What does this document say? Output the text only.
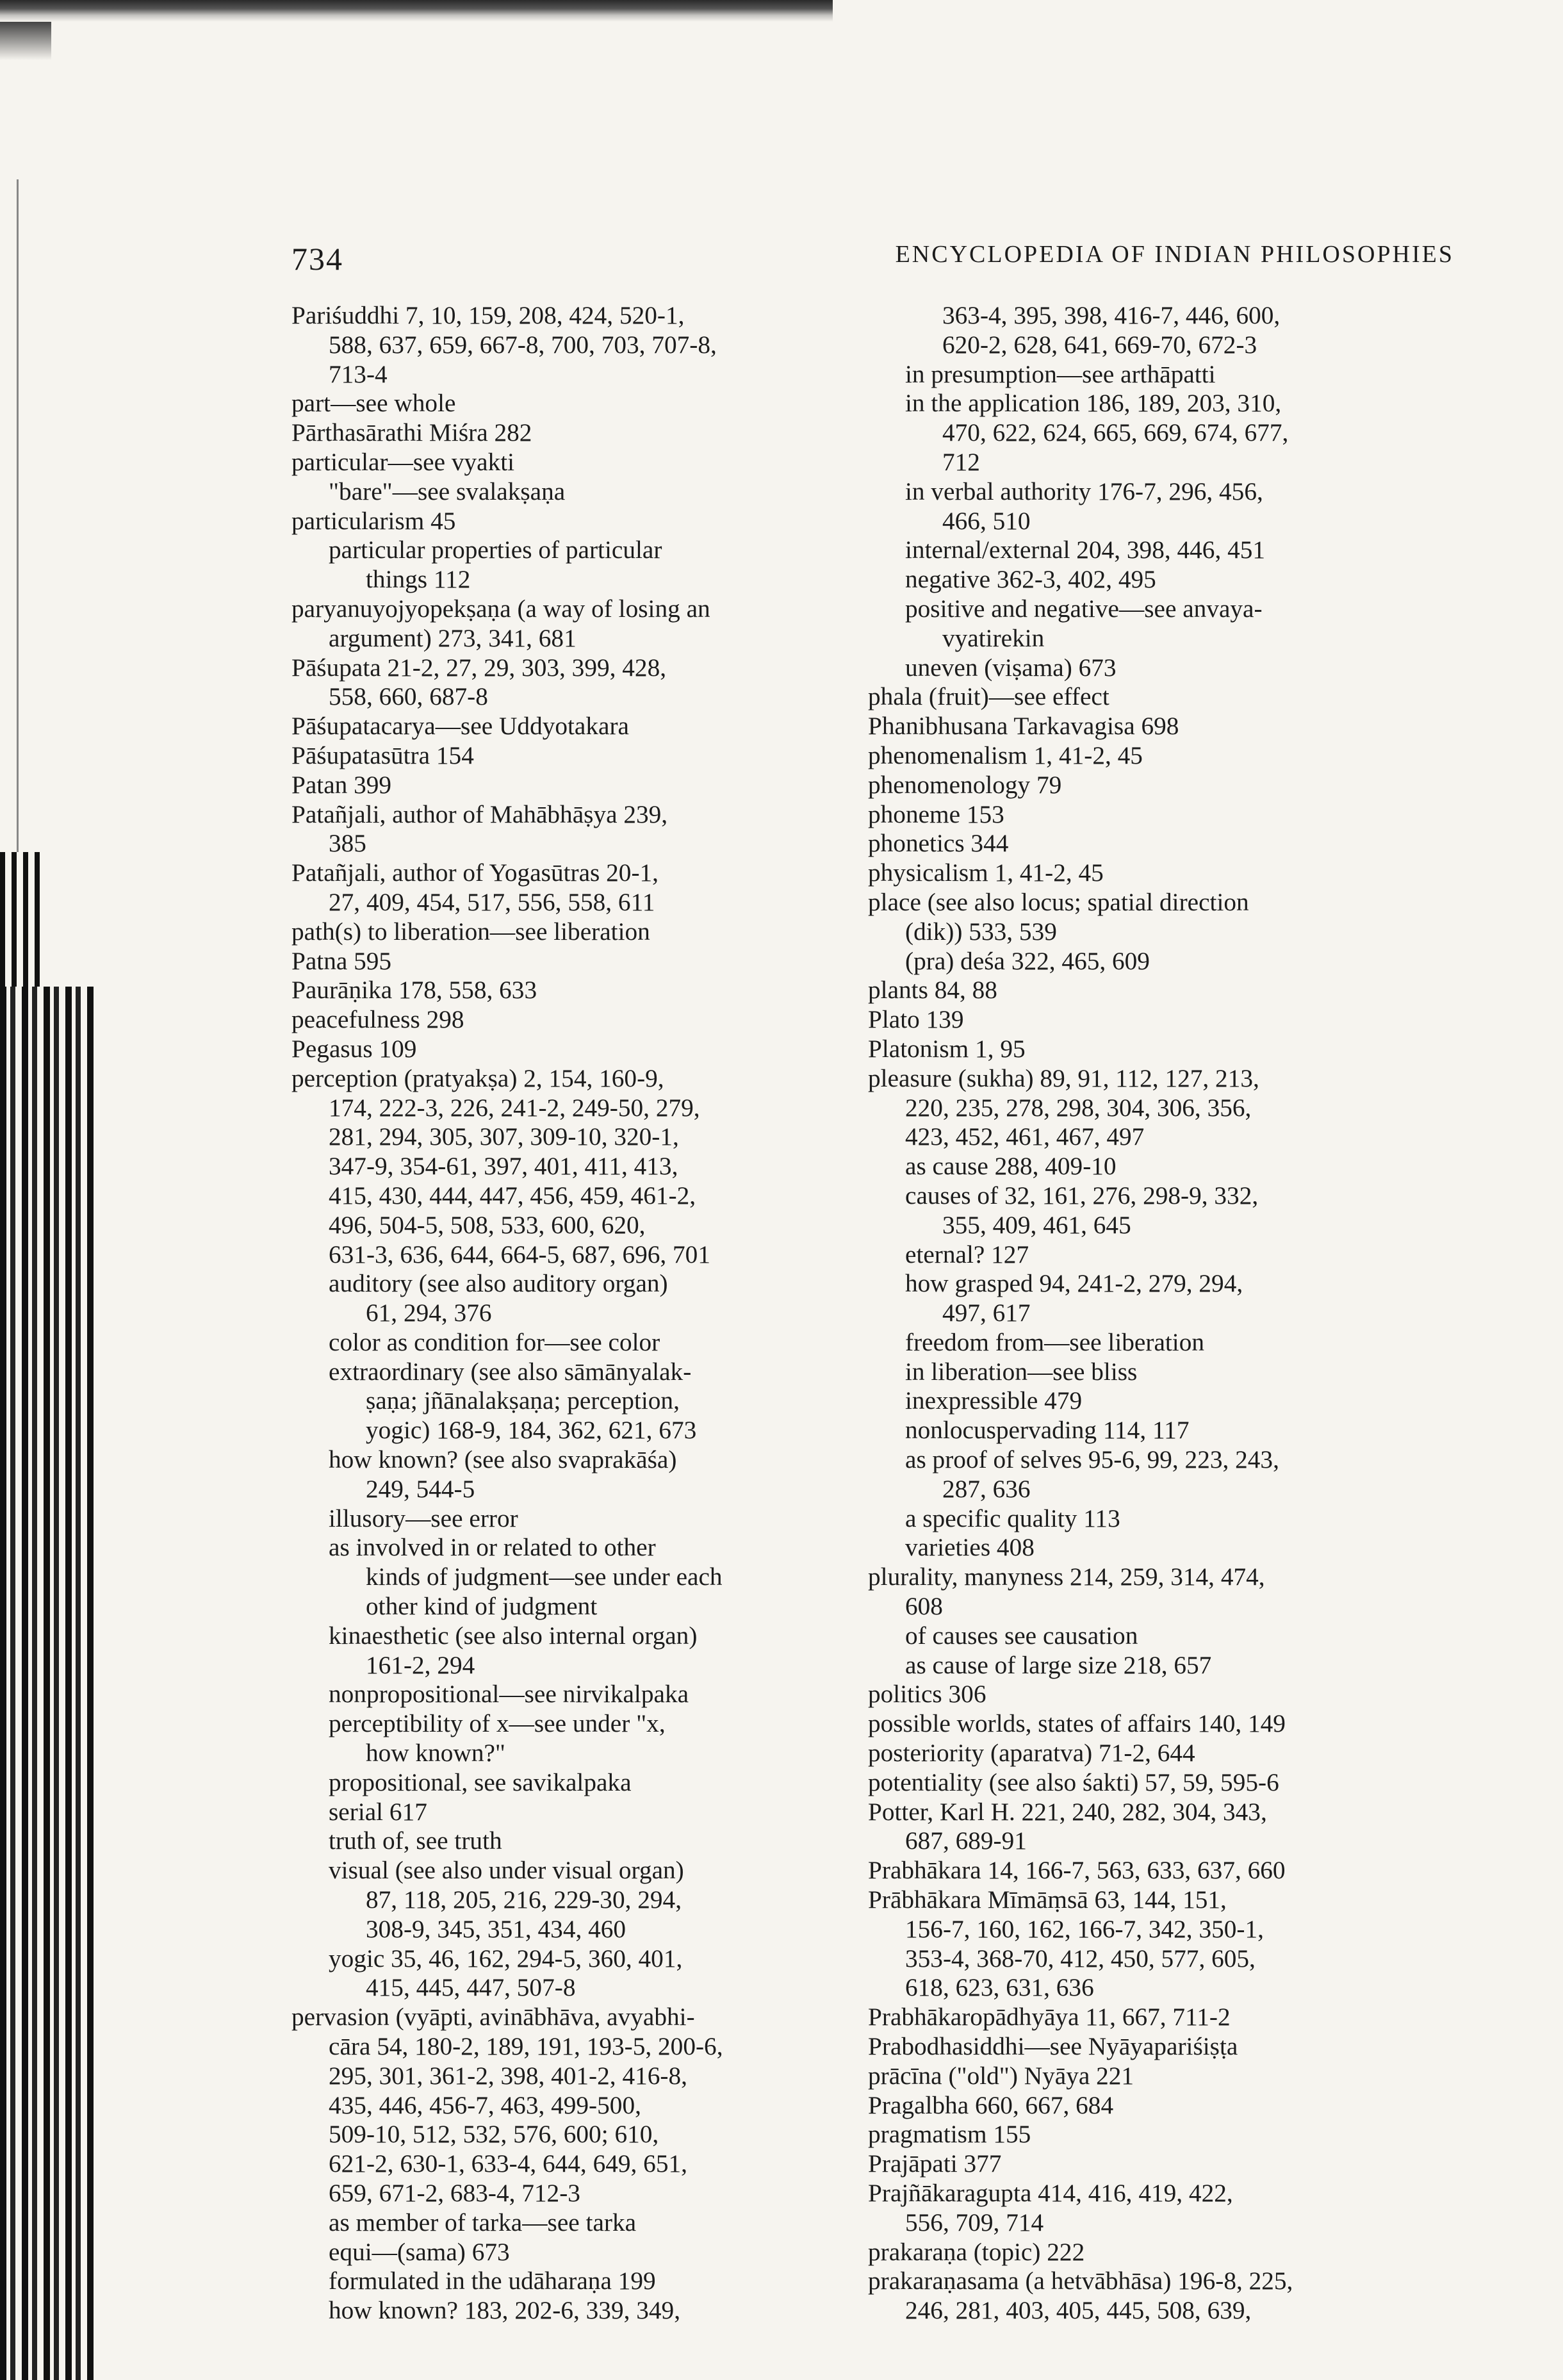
734	ENCYCLOPEDIA OF INDIAN PHILOSOPHIES
Pariśuddhi 7, 10, 159, 208, 424, 520-1,
588, 637, 659, 667-8, 700, 703, 707-8,
713-4
part—see whole
Pārthasārathi Miśra 282
particular—see vyakti
"bare"—see svalakṣaṇa
particularism 45
particular properties of particular
things 112
paryanuyojyopekṣaṇa (a way of losing an
argument) 273, 341, 681
Pāśupata 21-2, 27, 29, 303, 399, 428,
558, 660, 687-8
Pāśupatacarya—see Uddyotakara
Pāśupatasūtra 154
Patan 399
Patañjali, author of Mahābhāṣya 239,
385
Patañjali, author of Yogasūtras 20-1,
27, 409, 454, 517, 556, 558, 611
path(s) to liberation—see liberation
Patna 595
Paurāṇika 178, 558, 633
peacefulness 298
Pegasus 109
perception (pratyakṣa) 2, 154, 160-9,
174, 222-3, 226, 241-2, 249-50, 279,
281, 294, 305, 307, 309-10, 320-1,
347-9, 354-61, 397, 401, 411, 413,
415, 430, 444, 447, 456, 459, 461-2,
496, 504-5, 508, 533, 600, 620,
631-3, 636, 644, 664-5, 687, 696, 701
auditory (see also auditory organ)
61, 294, 376
color as condition for—see color
extraordinary (see also sāmānyalak-
ṣaṇa; jñānalakṣaṇa; perception,
yogic) 168-9, 184, 362, 621, 673
how known? (see also svaprakāśa)
249, 544-5
illusory—see error
as involved in or related to other
kinds of judgment—see under each
other kind of judgment
kinaesthetic (see also internal organ)
161-2, 294
nonpropositional—see nirvikalpaka
perceptibility of x—see under "x,
how known?"
propositional, see savikalpaka
serial 617
truth of, see truth
visual (see also under visual organ)
87, 118, 205, 216, 229-30, 294,
308-9, 345, 351, 434, 460
yogic 35, 46, 162, 294-5, 360, 401,
415, 445, 447, 507-8
pervasion (vyāpti, avinābhāva, avyabhi-
cāra 54, 180-2, 189, 191, 193-5, 200-6,
295, 301, 361-2, 398, 401-2, 416-8,
435, 446, 456-7, 463, 499-500,
509-10, 512, 532, 576, 600; 610,
621-2, 630-1, 633-4, 644, 649, 651,
659, 671-2, 683-4, 712-3
as member of tarka—see tarka
equi—(sama) 673
formulated in the udāharaṇa 199
how known? 183, 202-6, 339, 349,
363-4, 395, 398, 416-7, 446, 600,
620-2, 628, 641, 669-70, 672-3
in presumption—see arthāpatti
in the application 186, 189, 203, 310,
470, 622, 624, 665, 669, 674, 677,
712
in verbal authority 176-7, 296, 456,
466, 510
internal/external 204, 398, 446, 451
negative 362-3, 402, 495
positive and negative—see anvaya-
vyatirekin
uneven (viṣama) 673
phala (fruit)—see effect
Phanibhusana Tarkavagisa 698
phenomenalism 1, 41-2, 45
phenomenology 79
phoneme 153
phonetics 344
physicalism 1, 41-2, 45
place (see also locus; spatial direction
(dik)) 533, 539
(pra) deśa 322, 465, 609
plants 84, 88
Plato 139
Platonism 1, 95
pleasure (sukha) 89, 91, 112, 127, 213,
220, 235, 278, 298, 304, 306, 356,
423, 452, 461, 467, 497
as cause 288, 409-10
causes of 32, 161, 276, 298-9, 332,
355, 409, 461, 645
eternal? 127
how grasped 94, 241-2, 279, 294,
497, 617
freedom from—see liberation
in liberation—see bliss
inexpressible 479
nonlocuspervading 114, 117
as proof of selves 95-6, 99, 223, 243,
287, 636
a specific quality 113
varieties 408
plurality, manyness 214, 259, 314, 474,
608
of causes see causation
as cause of large size 218, 657
politics 306
possible worlds, states of affairs 140, 149
posteriority (aparatva) 71-2, 644
potentiality (see also śakti) 57, 59, 595-6
Potter, Karl H. 221, 240, 282, 304, 343,
687, 689-91
Prabhākara 14, 166-7, 563, 633, 637, 660
Prābhākara Mīmāṃsā 63, 144, 151,
156-7, 160, 162, 166-7, 342, 350-1,
353-4, 368-70, 412, 450, 577, 605,
618, 623, 631, 636
Prabhākaropādhyāya 11, 667, 711-2
Prabodhasiddhi—see Nyāyapariśiṣṭa
prācīna ("old") Nyāya 221
Pragalbha 660, 667, 684
pragmatism 155
Prajāpati 377
Prajñākaragupta 414, 416, 419, 422,
556, 709, 714
prakaraṇa (topic) 222
prakaraṇasama (a hetvābhāsa) 196-8, 225,
246, 281, 403, 405, 445, 508, 639,
